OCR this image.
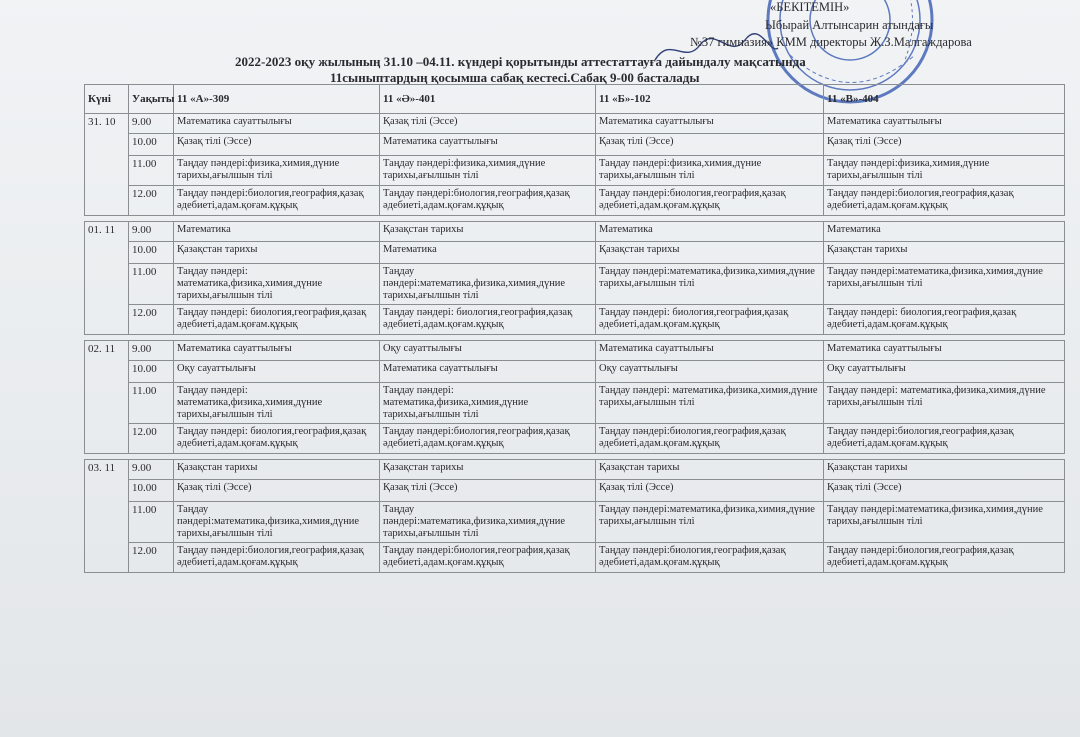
«БЕКІТЕМІН»
Ыбырай Алтынсарин атындағы
№37 гимназия» КММ директоры Ж.З.Малгаждарова
2022-2023 оқу жылының 31.10 –04.11. күндері қорытынды аттестаттауға дайындалу мақсатында
11сыныптардың қосымша сабақ кестесі.Сабақ 9-00 басталады
Күні	Уақыты	11 «А»-309	11 «Ә»-401	11 «Б»-102	11 «В»-404
31. 10	9.00	Математика сауаттылығы	Қазақ тілі (Эссе)	Математика сауаттылығы	Математика сауаттылығы
	10.00	Қазақ тілі (Эссе)	Математика сауаттылығы	Қазақ тілі (Эссе)	Қазақ тілі (Эссе)
	11.00	Таңдау пәндері:физика,химия,дүние тарихы,ағылшын тілі	Таңдау пәндері:физика,химия,дүние тарихы,ағылшын тілі	Таңдау пәндері:физика,химия,дүние тарихы,ағылшын тілі	Таңдау пәндері:физика,химия,дүние тарихы,ағылшын тілі
	12.00	Таңдау пәндері:биология,география,қазақ әдебиеті,адам.қоғам.құқық	Таңдау пәндері:биология,география,қазақ әдебиеті,адам.қоғам.құқық	Таңдау пәндері:биология,география,қазақ әдебиеті,адам.қоғам.құқық	Таңдау пәндері:биология,география,қазақ әдебиеті,адам.қоғам.құқық

01. 11	9.00	Математика	Қазақстан тарихы	Математика	Математика
	10.00	Қазақстан тарихы	Математика	Қазақстан тарихы	Қазақстан тарихы
	11.00	Таңдау пәндері: математика,физика,химия,дүние тарихы,ағылшын тілі	Таңдау пәндері:математика,физика,химия,дүние тарихы,ағылшын тілі	Таңдау пәндері:математика,физика,химия,дүние тарихы,ағылшын тілі	Таңдау пәндері:математика,физика,химия,дүние тарихы,ағылшын тілі
	12.00	Таңдау пәндері: биология,география,қазақ әдебиеті,адам.қоғам.құқық	Таңдау пәндері: биология,география,қазақ әдебиеті,адам.қоғам.құқық	Таңдау пәндері: биология,география,қазақ әдебиеті,адам.қоғам.құқық	Таңдау пәндері: биология,география,қазақ әдебиеті,адам.қоғам.құқық

02. 11	9.00	Математика сауаттылығы	Оқу сауаттылығы	Математика сауаттылығы	Математика сауаттылығы
	10.00	Оқу сауаттылығы	Математика сауаттылығы	Оқу сауаттылығы	Оқу сауаттылығы
	11.00	Таңдау пәндері: математика,физика,химия,дүние тарихы,ағылшын тілі	Таңдау пәндері: математика,физика,химия,дүние тарихы,ағылшын тілі	Таңдау пәндері: математика,физика,химия,дүние тарихы,ағылшын тілі	Таңдау пәндері: математика,физика,химия,дүние тарихы,ағылшын тілі
	12.00	Таңдау пәндері: биология,география,қазақ әдебиеті,адам.қоғам.құқық	Таңдау пәндері:биология,география,қазақ әдебиеті,адам.қоғам.құқық	Таңдау пәндері:биология,география,қазақ әдебиеті,адам.қоғам.құқық	Таңдау пәндері:биология,география,қазақ әдебиеті,адам.қоғам.құқық

03. 11	9.00	Қазақстан тарихы	Қазақстан тарихы	Қазақстан тарихы	Қазақстан тарихы
	10.00	Қазақ тілі (Эссе)	Қазақ тілі (Эссе)	Қазақ тілі (Эссе)	Қазақ тілі (Эссе)
	11.00	Таңдау пәндері:математика,физика,химия,дүние тарихы,ағылшын тілі	Таңдау пәндері:математика,физика,химия,дүние тарихы,ағылшын тілі	Таңдау пәндері:математика,физика,химия,дүние тарихы,ағылшын тілі	Таңдау пәндері:математика,физика,химия,дүние тарихы,ағылшын тілі
	12.00	Таңдау пәндері:биология,география,қазақ әдебиеті,адам.қоғам.құқық	Таңдау пәндері:биология,география,қазақ әдебиеті,адам.қоғам.құқық	Таңдау пәндері:биология,география,қазақ әдебиеті,адам.қоғам.құқық	Таңдау пәндері:биология,география,қазақ әдебиеті,адам.қоғам.құқық
